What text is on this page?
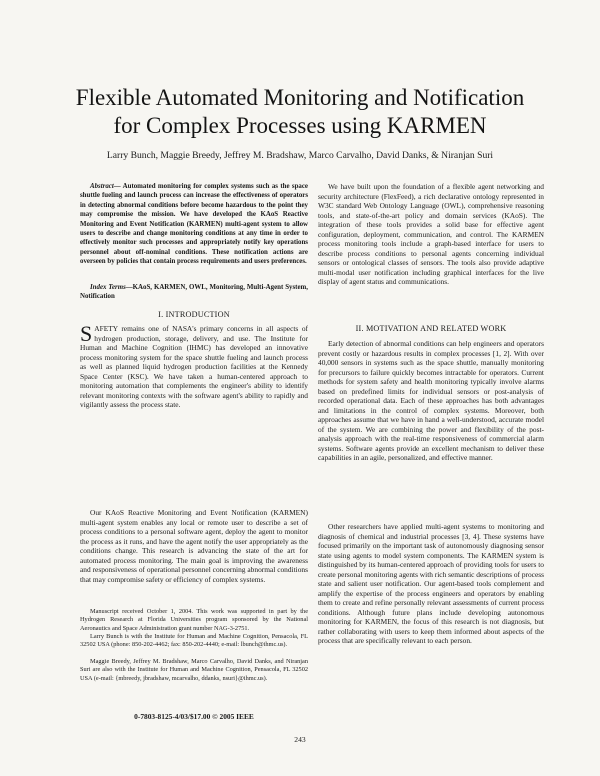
Flexible Automated Monitoring and Notification
for Complex Processes using KARMEN
Larry Bunch, Maggie Breedy, Jeffrey M. Bradshaw, Marco Carvalho, David Danks, & Niranjan Suri

Abstract— Automated monitoring for complex systems such as the space shuttle fueling and launch process can increase the effectiveness of operators in detecting abnormal conditions before become hazardous to the point they may compromise the mission. We have developed the KAoS Reactive Monitoring and Event Notification (KARMEN) multi-agent system to allow users to describe and change monitoring conditions at any time in order to effectively monitor such processes and appropriately notify key operations personnel about off-nominal conditions. These notification actions are overseen by policies that contain process requirements and users preferences.

Index Terms—KAoS, KARMEN, OWL, Monitoring, Multi-Agent System, Notification

I. INTRODUCTION

SAFETY remains one of NASA's primary concerns in all aspects of hydrogen production, storage, delivery, and use. The Institute for Human and Machine Cognition (IHMC) has developed an innovative process monitoring system for the space shuttle fueling and launch process as well as planned liquid hydrogen production facilities at the Kennedy Space Center (KSC). We have taken a human-centered approach to monitoring automation that complements the engineer's ability to identify relevant monitoring contexts with the software agent's ability to rapidly and vigilantly assess the process state.

Our KAoS Reactive Monitoring and Event Notification (KARMEN) multi-agent system enables any local or remote user to describe a set of process conditions to a personal software agent, deploy the agent to monitor the process as it runs, and have the agent notify the user appropriately as the conditions change. This research is advancing the state of the art for automated process monitoring. The main goal is improving the awareness and responsiveness of operational personnel concerning abnormal conditions that may compromise safety or efficiency of complex systems.

Manuscript received October 1, 2004. This work was supported in part by the Hydrogen Research at Florida Universities program sponsored by the National Aeronautics and Space Administration grant number NAG-3-2751.

Larry Bunch is with the Institute for Human and Machine Cognition, Pensacola, FL 32502 USA (phone: 850-202-4462; fax: 850-202-4440; e-mail: lbunch@ihmc.us).

Maggie Breedy, Jeffrey M. Bradshaw, Marco Carvalho, David Danks, and Niranjan Suri are also with the Institute for Human and Machine Cognition, Pensacola, FL 32502 USA (e-mail: {mbreedy, jbradshaw, mcarvalho, ddanks, nsuri}@ihmc.us).

0-7803-8125-4/03/$17.00 © 2005 IEEE

We have built upon the foundation of a flexible agent networking and security architecture (FlexFeed), a rich declarative ontology represented in W3C standard Web Ontology Language (OWL), comprehensive reasoning tools, and state-of-the-art policy and domain services (KAoS). The integration of these tools provides a solid base for effective agent configuration, deployment, communication, and control. The KARMEN process monitoring tools include a graph-based interface for users to describe process conditions to personal agents concerning individual sensors or ontological classes of sensors. The tools also provide adaptive multi-modal user notification including graphical interfaces for the live display of agent status and communications.

II. MOTIVATION AND RELATED WORK

Early detection of abnormal conditions can help engineers and operators prevent costly or hazardous results in complex processes [1, 2]. With over 40,000 sensors in systems such as the space shuttle, manually monitoring for precursors to failure quickly becomes intractable for operators. Current methods for system safety and health monitoring typically involve alarms based on predefined limits for individual sensors or post-analysis of recorded operational data. Each of these approaches has both advantages and limitations in the control of complex systems. Moreover, both approaches assume that we have in hand a well-understood, accurate model of the system. We are combining the power and flexibility of the post-analysis approach with the real-time responsiveness of commercial alarm systems. Software agents provide an excellent mechanism to deliver these capabilities in an agile, personalized, and effective manner.

Other researchers have applied multi-agent systems to monitoring and diagnosis of chemical and industrial processes [3, 4]. These systems have focused primarily on the important task of autonomously diagnosing sensor state using agents to model system components. The KARMEN system is distinguished by its human-centered approach of providing tools for users to create personal monitoring agents with rich semantic descriptions of process state and salient user notification. Our agent-based tools complement and amplify the expertise of the process engineers and operators by enabling them to create and refine personally relevant assessments of current process conditions. Although future plans include developing autonomous monitoring for KARMEN, the focus of this research is not diagnosis, but rather collaborating with users to keep them informed about aspects of the process that are specifically relevant to each person.

243
